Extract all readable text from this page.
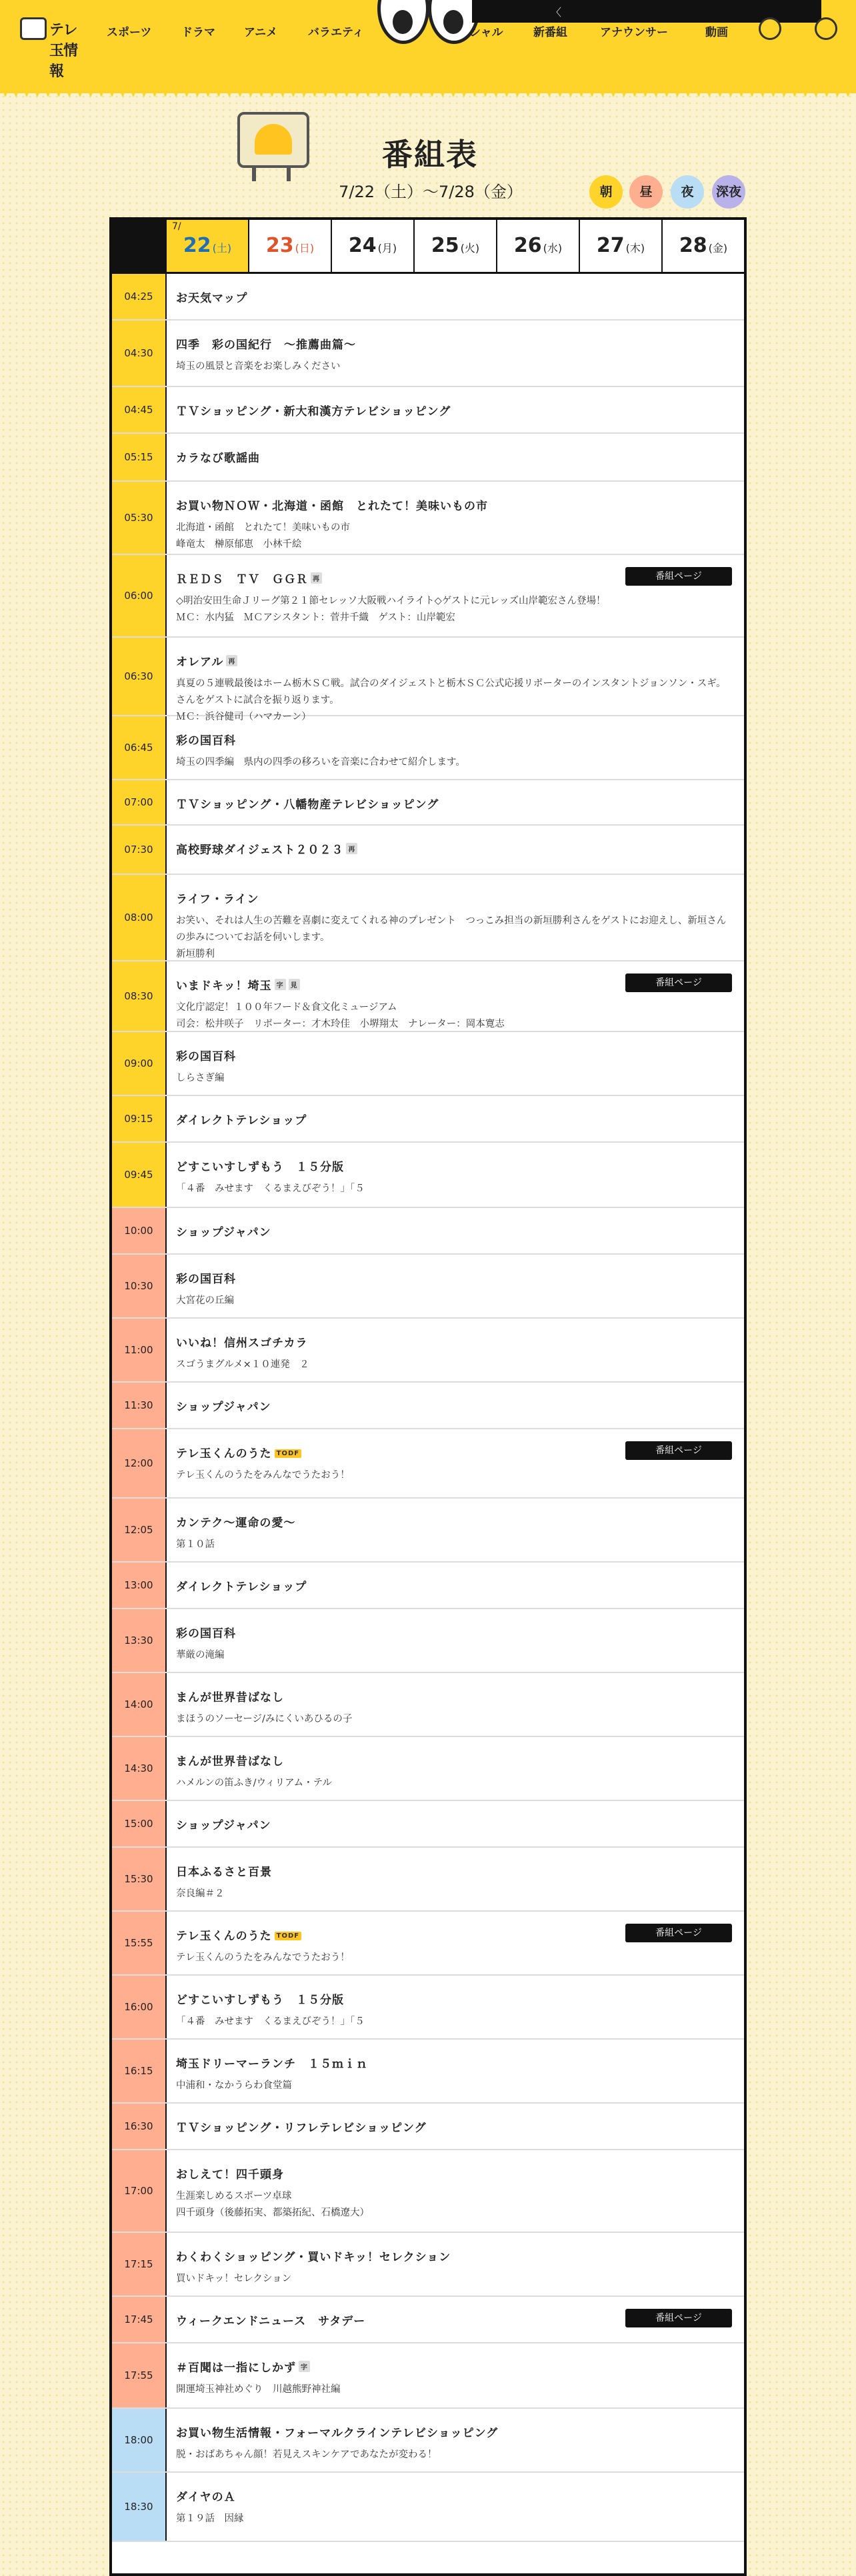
テレ玉情報
スポーツ	ドラマ	アニメ	バラエティ
〈
シャル	新番組	アナウンサー	動画
番組表
7/22（土）〜7/28（金）	朝	昼	夜	深夜
7/
22 (土)	23 (日)	24 (月)	25 (火)	26 (水)	27 (木)	28 (金)
04:25	お天気マップ
04:30
四季　彩の国紀行　〜推薦曲篇〜
埼玉の風景と音楽をお楽しみください
04:45	ＴＶショッピング・新大和漢方テレビショッピング
05:15	カラなび歌謡曲
05:30
お買い物ＮＯＷ・北海道・函館　とれたて！美味いもの市
北海道・函館　とれたて！美味いもの市
峰竜太　榊原郁恵　小林千絵
06:00
ＲＥＤＳ　ＴＶ　ＧＧＲ 再
◇明治安田生命Ｊリーグ第２１節セレッソ大阪戦ハイライト◇ゲストに元レッズ山岸範宏さん登場！
ＭＣ：水内猛　ＭＣアシスタント：菅井千織　ゲスト：山岸範宏
番組ページ
06:30
オレアル 再
真夏の５連戦最後はホーム栃木ＳＣ戦。試合のダイジェストと栃木ＳＣ公式応援リポーターのインスタントジョンソン・スギ。さんをゲストに試合を振り返ります。
ＭＣ：浜谷健司（ハマカーン）
06:45	彩の国百科
埼玉の四季編　県内の四季の移ろいを音楽に合わせて紹介します。
07:00	ＴＶショッピング・八幡物産テレビショッピング
07:30	高校野球ダイジェスト２０２３ 再
08:00
ライフ・ライン
お笑い、それは人生の苦難を喜劇に変えてくれる神のプレゼント　つっこみ担当の新垣勝利さんをゲストにお迎えし、新垣さんの歩みについてお話を伺いします。
新垣勝利
08:30
いまドキッ！埼玉 字 見
文化庁認定！１００年フード＆食文化ミュージアム
司会：松井咲子　リポーター：才木玲佳　小堺翔太　ナレーター：岡本寛志
番組ページ
09:00	彩の国百科
しらさぎ編
09:15	ダイレクトテレショップ
09:45
どすこいすしずもう　１５分版
「４番　みせます　くるまえびぞう！」「５
10:00	ショップジャパン
10:30	彩の国百科
大宮花の丘編
11:00	いいね！信州スゴチカラ
スゴうまグルメ×１０連発　２
11:30	ショップジャパン
12:00
テレ玉くんのうた TODF
テレ玉くんのうたをみんなでうたおう！
番組ページ
12:05	カンテク〜運命の愛〜
第１０話
13:00	ダイレクトテレショップ
13:30	彩の国百科
華厳の滝編
14:00	まんが世界昔ばなし
まほうのソーセージ/みにくいあひるの子
14:30	まんが世界昔ばなし
ハメルンの笛ふき/ウィリアム・テル
15:00	ショップジャパン
15:30	日本ふるさと百景
奈良編＃２
15:55	テレ玉くんのうた TODF
テレ玉くんのうたをみんなでうたおう！
番組ページ
16:00	どすこいすしずもう　１５分版
「４番　みせます　くるまえびぞう！」「５
16:15	埼玉ドリーマーランチ　１５ｍｉｎ
中浦和・なかうらわ食堂篇
16:30	ＴＶショッピング・リフレテレビショッピング
17:00
おしえて！四千頭身
生涯楽しめるスポーツ卓球
四千頭身（後藤拓実、都築拓紀、石橋遼大）
17:15	わくわくショッピング・買いドキッ！セレクション
買いドキッ！セレクション
17:45	ウィークエンドニュース　サタデー	番組ページ
17:55
＃百聞は一指にしかず 字
開運埼玉神社めぐり　川越熊野神社編
18:00	お買い物生活情報・フォーマルクラインテレビショッピング
脱・おばあちゃん顔！若見えスキンケアであなたが変わる！
18:30
ダイヤのＡ
第１９話　因縁
